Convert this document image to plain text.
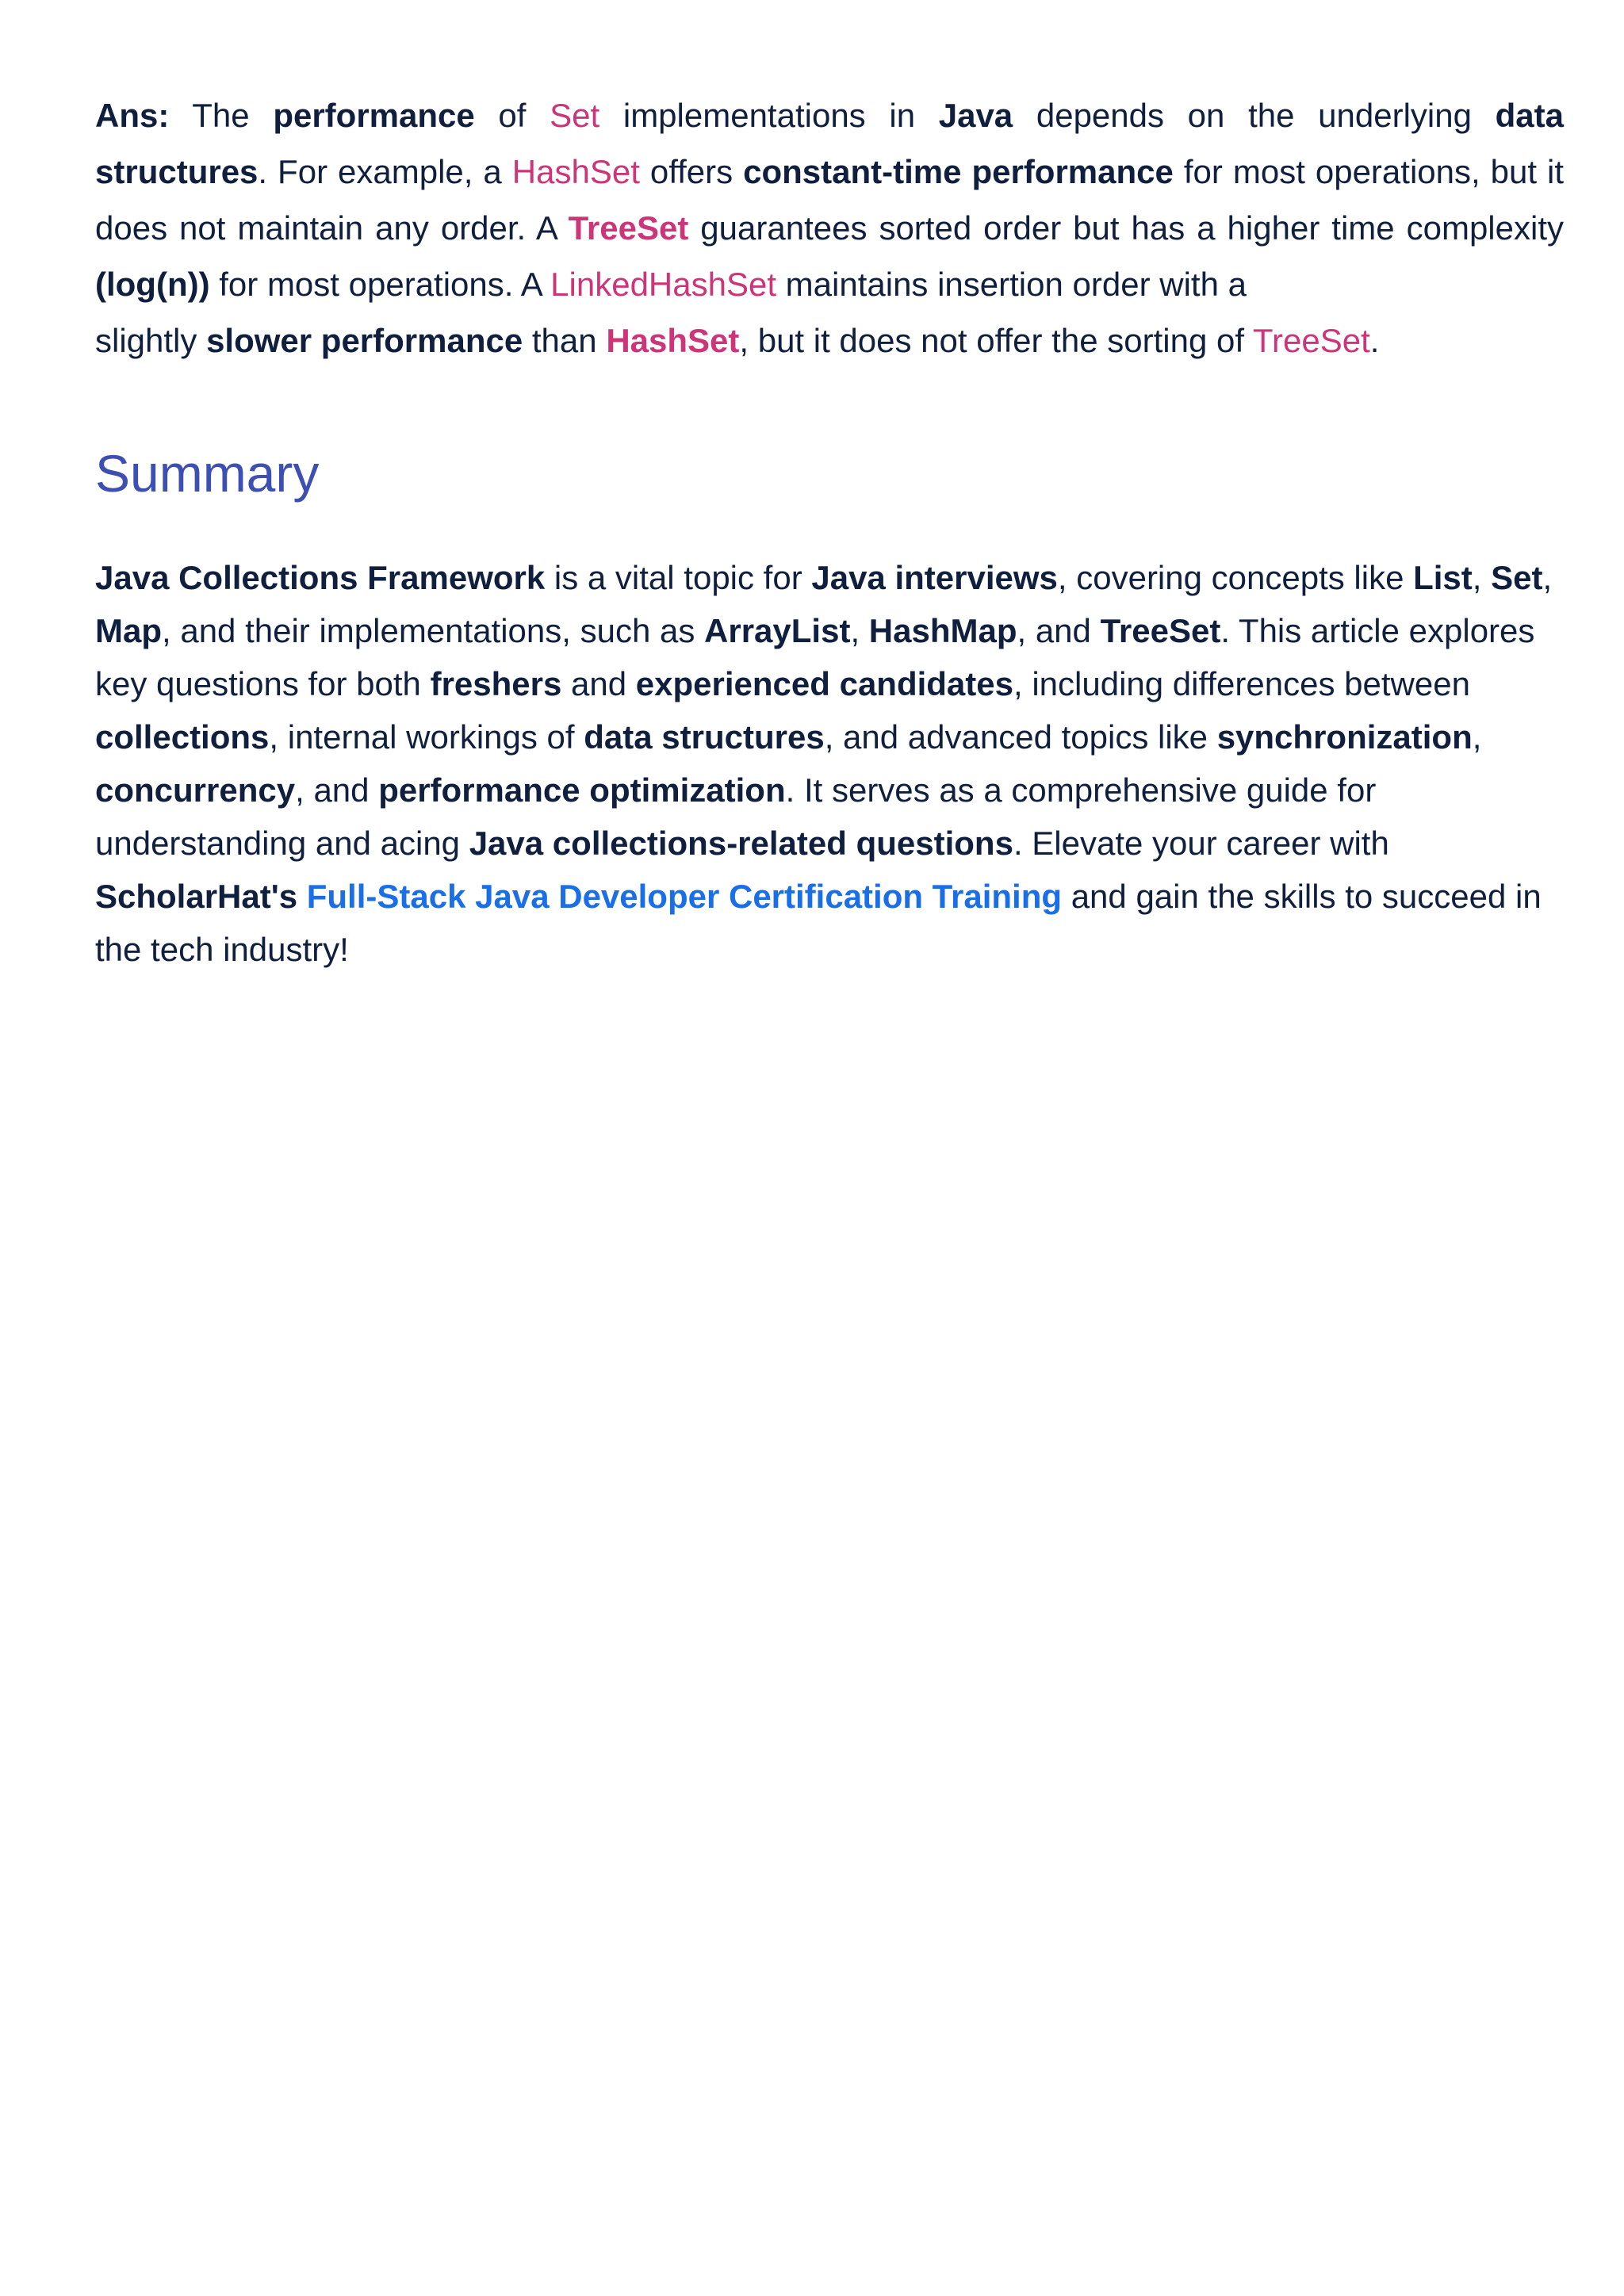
Ans: The performance of Set implementations in Java depends on the underlying data structures. For example, a HashSet offers constant-time performance for most operations, but it does not maintain any order. A TreeSet guarantees sorted order but has a higher time complexity (log(n)) for most operations. A LinkedHashSet maintains insertion order with a
slightly slower performance than HashSet, but it does not offer the sorting of TreeSet.

Summary

Java Collections Framework is a vital topic for Java interviews, covering concepts like List, Set,
Map, and their implementations, such as ArrayList, HashMap, and TreeSet. This article explores key questions for both freshers and experienced candidates, including differences between collections, internal workings of data structures, and advanced topics like synchronization,
concurrency, and performance optimization. It serves as a comprehensive guide for understanding and acing Java collections-related questions. Elevate your career with ScholarHat's Full-Stack Java Developer Certification Training and gain the skills to succeed in the tech industry!
